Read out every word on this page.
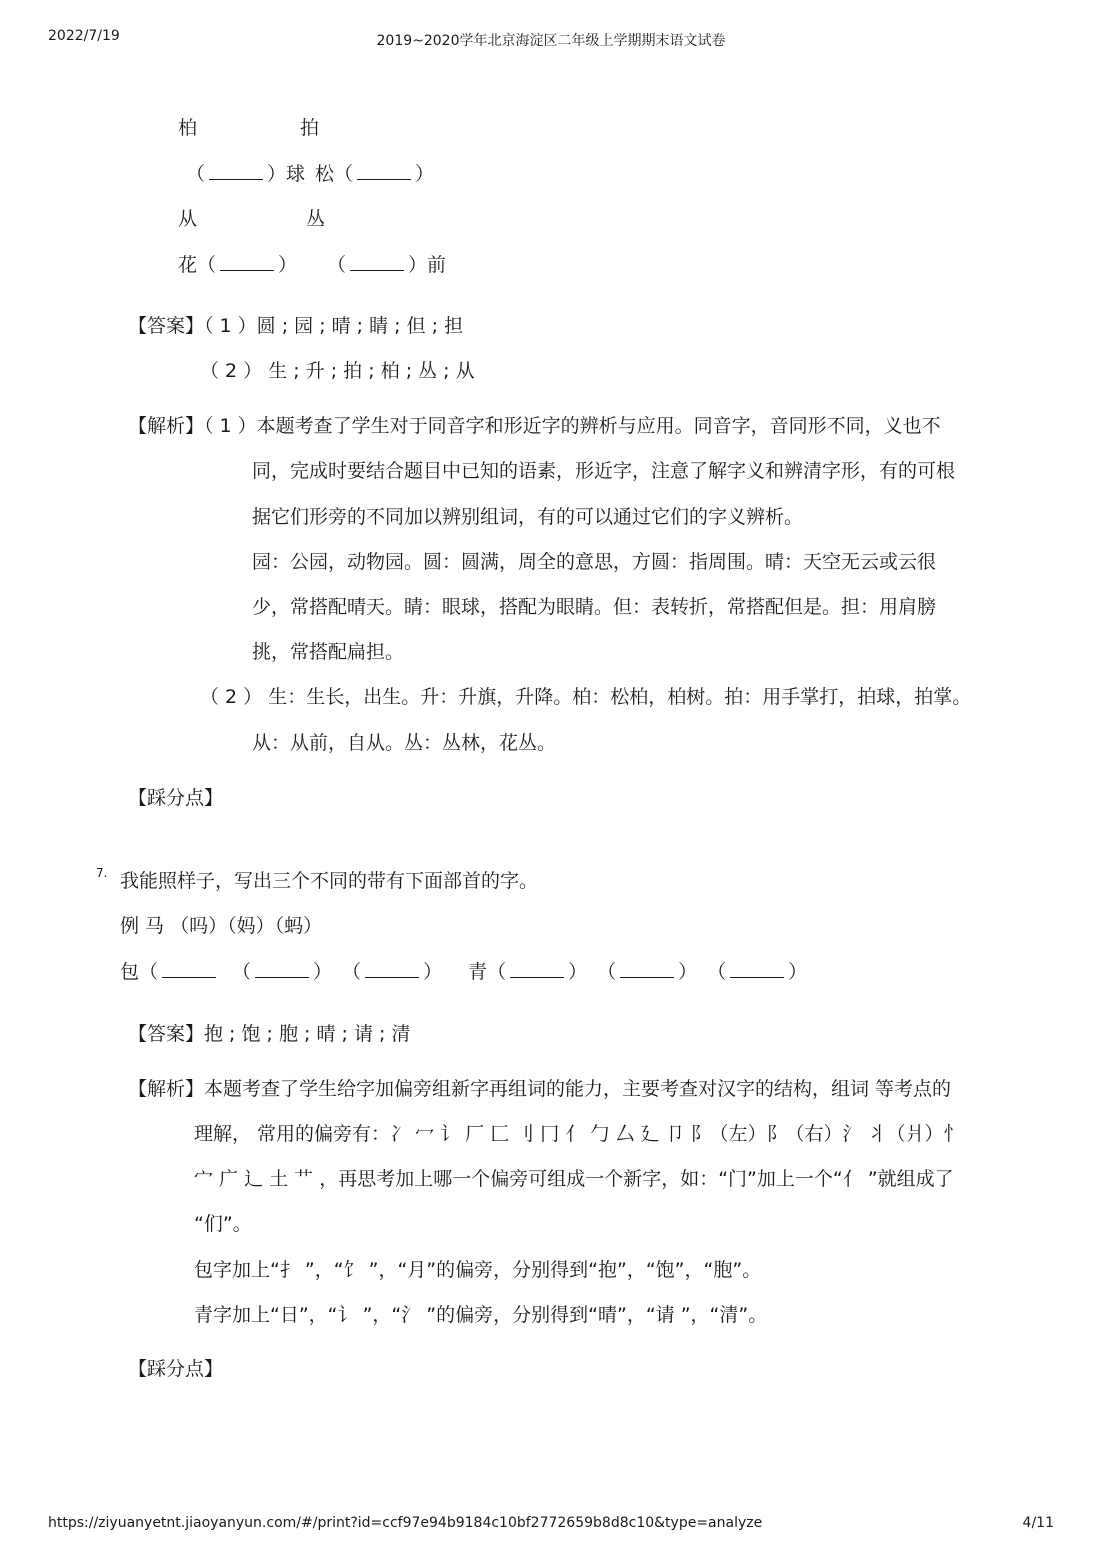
2022/7/19	2019~2020学年北京海淀区二年级上学期期末语文试卷
柏	拍
（	）球 松（	）
从	丛
花（	） （	）前
【答案】（ 1 ）圆 ; 园 ; 晴 ; 睛 ; 但 ; 担
（ 2 ） 生 ; 升 ; 拍 ; 柏 ; 丛 ; 从
【解析】（ 1 ）本题考查了学生对于同音字和形近字的辨析与应用。同音字，音同形不同，义也不
同，完成时要结合题目中已知的语素，形近字，注意了解字义和辨清字形，有的可根
据它们形旁的不同加以辨别组词，有的可以通过它们的字义辨析。
园：公园，动物园。圆：圆满，周全的意思，方圆：指周围。晴：天空无云或云很
少，常搭配晴天。睛：眼球，搭配为眼睛。但：表转折，常搭配但是。担：用肩膀
挑，常搭配扁担。
（ 2 ） 生：生长，出生。升：升旗，升降。柏：松柏，柏树。拍：用手掌打，拍球，拍掌。
从：从前，自从。丛：丛林，花丛。
【踩分点】
7. 我能照样子，写出三个不同的带有下面部首的字。
例 马 （吗）（妈）（蚂）
包（	（	） （	） 青（	） （	） （	）
【答案】抱 ; 饱 ; 胞 ; 晴 ; 请 ; 清
【解析】本题考查了学生给字加偏旁组新字再组词的能力，主要考查对汉字的结构，组词 等考点的
理解， 常用的偏旁有：冫 冖 讠 厂 匚 刂 冂 亻 勹 厶 廴 卩 阝（左）阝（右）氵 丬（爿）忄
宀 广 辶 土 艹 ，再思考加上哪一个偏旁可组成一个新字，如：“门”加上一个“亻 ”就组成了
“们”。
包字加上“扌 ”，“饣 ”，“月”的偏旁，分别得到“抱”，“饱”，“胞”。
青字加上“日”，“讠 ”，“氵 ”的偏旁，分别得到“晴”，“请 ”，“清”。
【踩分点】
https://ziyuanyetnt.jiaoyanyun.com/#/print?id=ccf97e94b9184c10bf2772659b8d8c10&type=analyze	4/11
